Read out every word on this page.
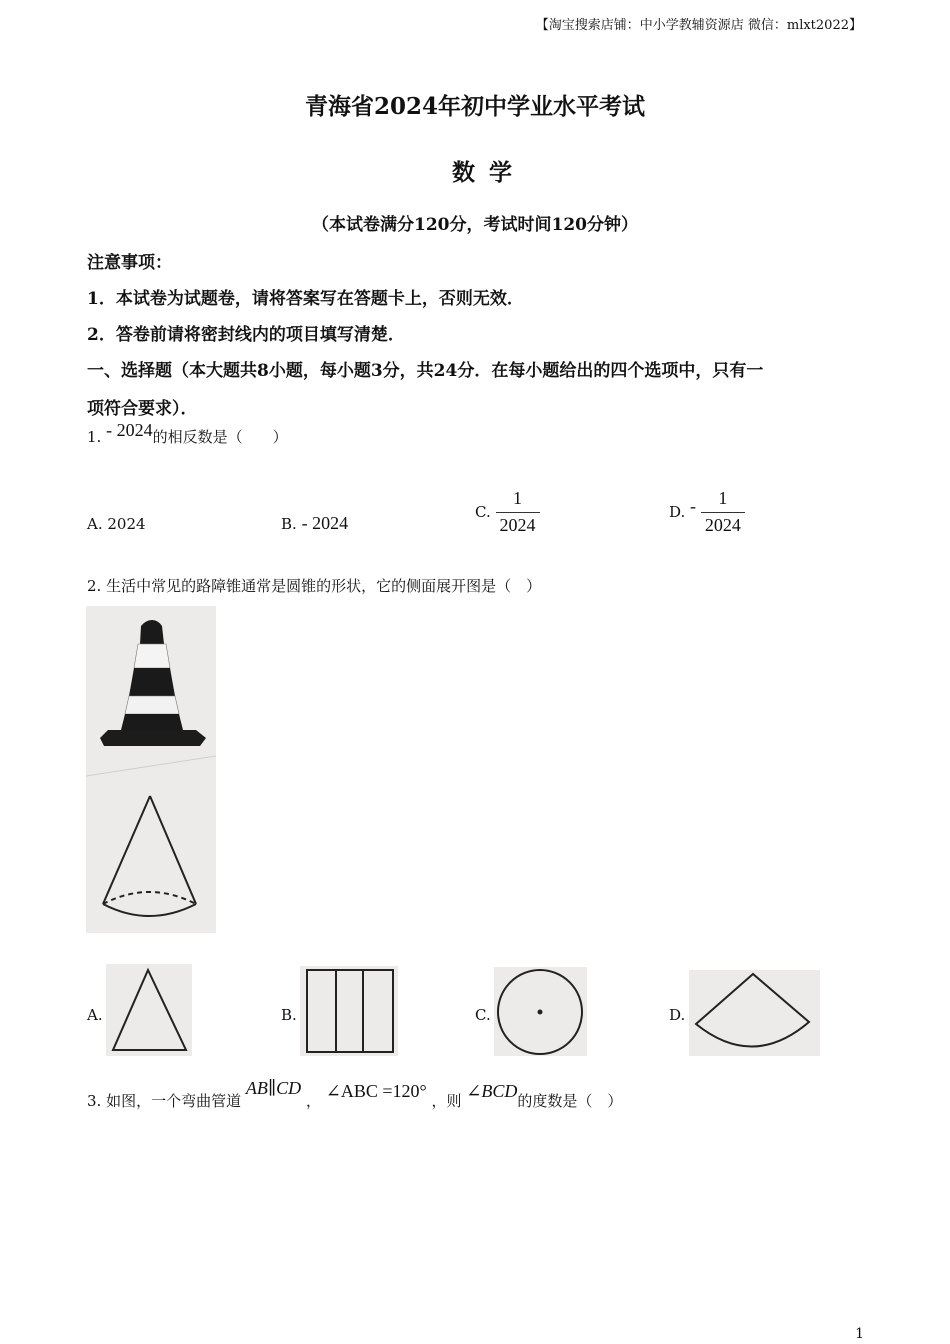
【淘宝搜索店铺：中小学教辅资源店 微信：mlxt2022】
青海省2024年初中学业水平考试
数学
（本试卷满分120分，考试时间120分钟）
注意事项：
1．本试卷为试题卷，请将答案写在答题卡上，否则无效．
2．答卷前请将密封线内的项目填写清楚．
一、选择题（本大题共8小题，每小题3分，共24分．在每小题给出的四个选项中，只有一
项符合要求）．
1. - 2024的相反数是（　　）
A. 2024	B. - 2024
C. $\frac{1}{2024}$	D. - $\frac{1}{2024}$
2. 生活中常见的路障锥通常是圆锥的形状，它的侧面展开图是（　）
A.	B.	C.	D.
3. 如图，一个弯曲管道 AB∥CD ， ∠ABC =120° ，则 ∠BCD的度数是（　）
1
